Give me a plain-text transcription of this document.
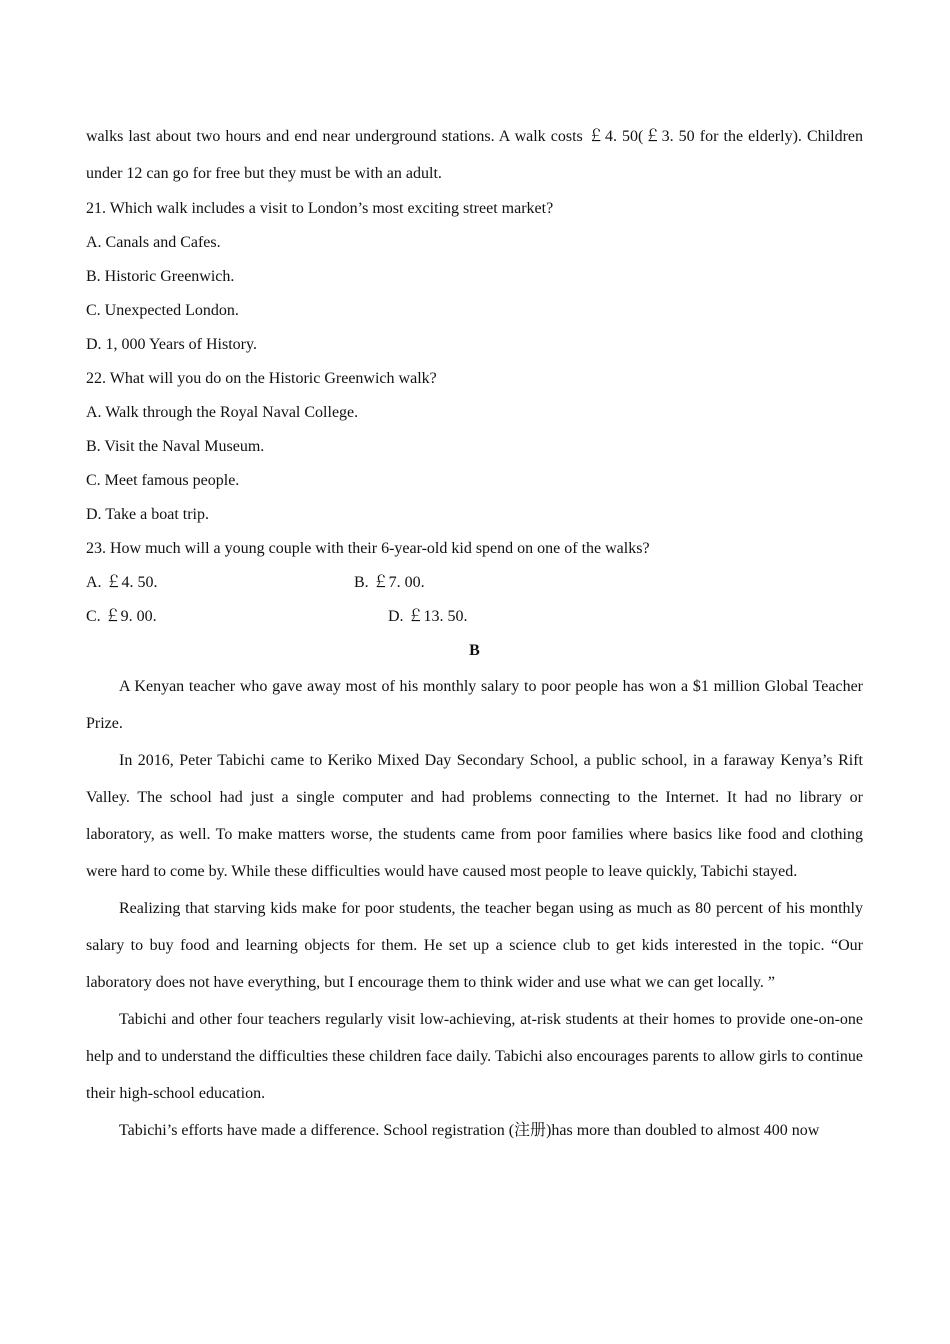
walks last about two hours and end near underground stations. A walk costs ￡4. 50(￡3. 50 for the elderly). Children under 12 can go for free but they must be with an adult.

21. Which walk includes a visit to London’s most exciting street market?

A. Canals and Cafes.

B. Historic Greenwich.

C. Unexpected London.

D. 1, 000 Years of History.

22. What will you do on the Historic Greenwich walk?

A. Walk through the Royal Naval College.

B. Visit the Naval Museum.

C. Meet famous people.

D. Take a boat trip.

23. How much will a young couple with their 6-year-old kid spend on one of the walks?

A. ￡4. 50.	B. ￡7. 00.
C. ￡9. 00.	D. ￡13. 50.

B

A Kenyan teacher who gave away most of his monthly salary to poor people has won a $1 million Global Teacher Prize.

In 2016, Peter Tabichi came to Keriko Mixed Day Secondary School, a public school, in a faraway Kenya’s Rift Valley. The school had just a single computer and had problems connecting to the Internet. It had no library or laboratory, as well. To make matters worse, the students came from poor families where basics like food and clothing were hard to come by. While these difficulties would have caused most people to leave quickly, Tabichi stayed.

Realizing that starving kids make for poor students, the teacher began using as much as 80 percent of his monthly salary to buy food and learning objects for them. He set up a science club to get kids interested in the topic. “Our laboratory does not have everything, but I encourage them to think wider and use what we can get locally. ”

Tabichi and other four teachers regularly visit low-achieving, at-risk students at their homes to provide one-on-one help and to understand the difficulties these children face daily. Tabichi also encourages parents to allow girls to continue their high-school education.

Tabichi’s efforts have made a difference. School registration (注册)has more than doubled to almost 400 now
